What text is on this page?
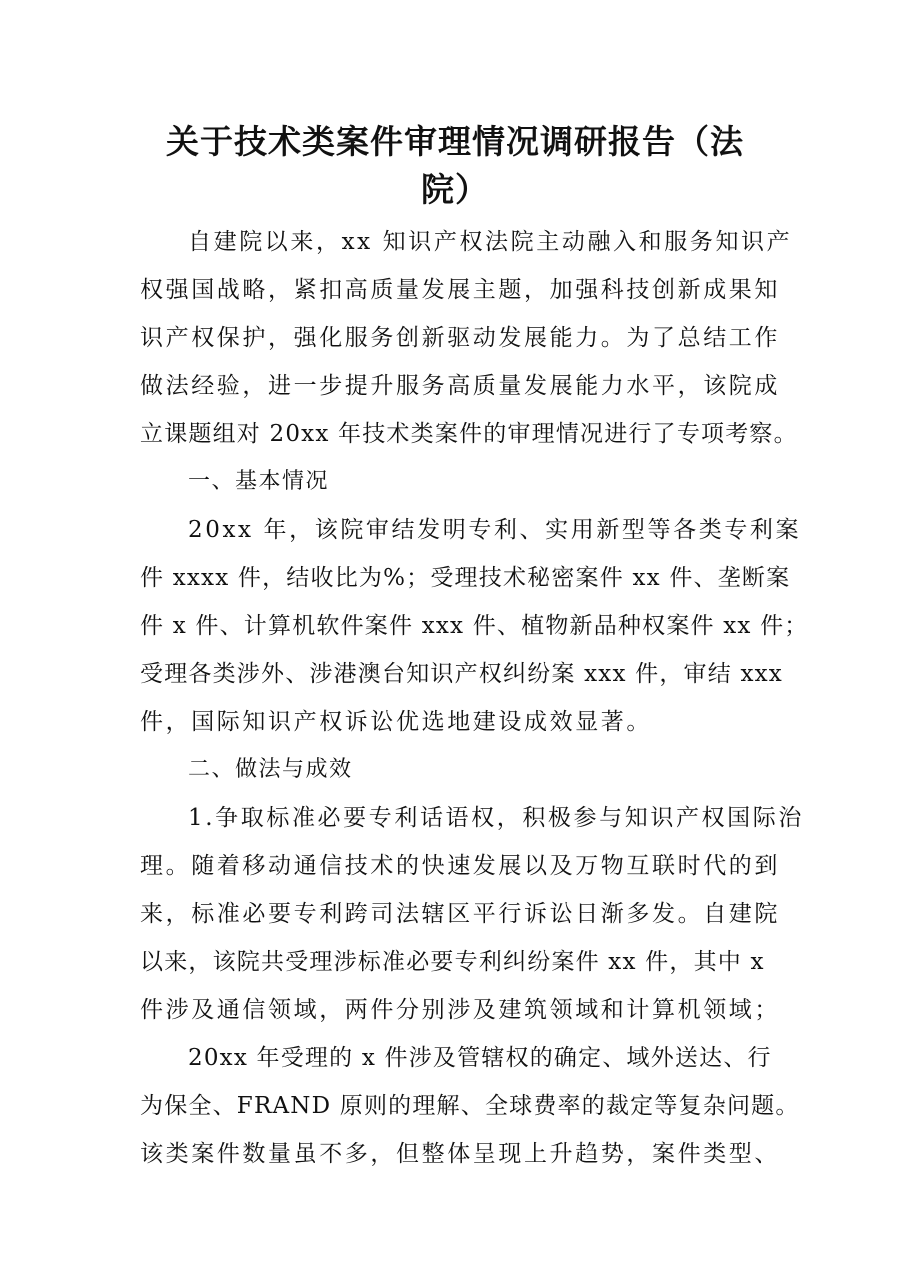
关于技术类案件审理情况调研报告（法
院）
自建院以来，xx 知识产权法院主动融入和服务知识产
权强国战略，紧扣高质量发展主题，加强科技创新成果知
识产权保护，强化服务创新驱动发展能力。为了总结工作
做法经验，进一步提升服务高质量发展能力水平，该院成
立课题组对 20xx 年技术类案件的审理情况进行了专项考察。
一、基本情况
20xx 年，该院审结发明专利、实用新型等各类专利案
件 xxxx 件，结收比为%；受理技术秘密案件 xx 件、垄断案
件 x 件、计算机软件案件 xxx 件、植物新品种权案件 xx 件；
受理各类涉外、涉港澳台知识产权纠纷案 xxx 件，审结 xxx
件，国际知识产权诉讼优选地建设成效显著。
二、做法与成效
1.争取标准必要专利话语权，积极参与知识产权国际治
理。随着移动通信技术的快速发展以及万物互联时代的到
来，标准必要专利跨司法辖区平行诉讼日渐多发。自建院
以来，该院共受理涉标准必要专利纠纷案件 xx 件，其中 x
件涉及通信领域，两件分别涉及建筑领域和计算机领域；
20xx 年受理的 x 件涉及管辖权的确定、域外送达、行
为保全、FRAND 原则的理解、全球费率的裁定等复杂问题。
该类案件数量虽不多，但整体呈现上升趋势，案件类型、
